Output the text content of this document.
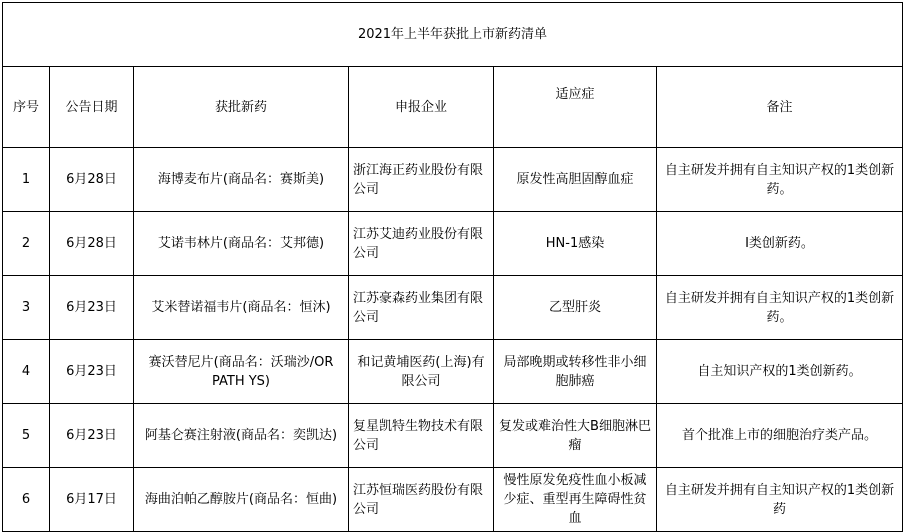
2021年上半年获批上市新药清单					
序号	公告日期	获批新药	申报企业	适应症	备注
1	6月28日	海博麦布片(商品名：赛斯美)	浙江海正药业股份有限公司	原发性高胆固醇血症	自主研发并拥有自主知识产权的1类创新药。
2	6月28日	艾诺韦林片(商品名：艾邦德)	江苏艾迪药业股份有限公司	HN-1感染	I类创新药。
3	6月23日	艾米替诺福韦片(商品名：恒沐)	江苏豪森药业集团有限公司	乙型肝炎	自主研发并拥有自主知识产权的1类创新药。
4	6月23日	赛沃替尼片(商品名：沃瑞沙/OR PATH YS)	和记黄埔医药(上海)有限公司	局部晚期或转移性非小细胞肺癌	自主知识产权的1类创新药。
5	6月23日	阿基仑赛注射液(商品名：奕凯达)	复星凯特生物技术有限公司	复发或难治性大B细胞淋巴瘤	首个批准上市的细胞治疗类产品。
6	6月17日	海曲泊帕乙醇胺片(商品名：恒曲)	江苏恒瑞医药股份有限公司	慢性原发免疫性血小板减少症、重型再生障碍性贫血	自主研发并拥有自主知识产权的1类创新药
